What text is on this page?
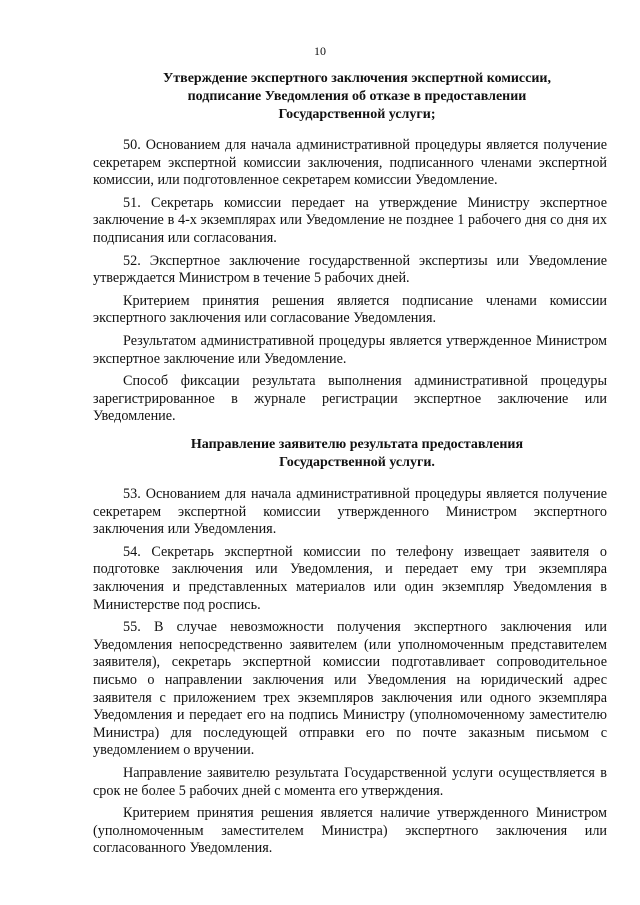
10
Утверждение экспертного заключения экспертной комиссии,
подписание Уведомления об отказе в предоставлении
Государственной услуги;

50. Основанием для начала административной процедуры является получение секретарем экспертной комиссии заключения, подписанного членами экспертной комиссии, или подготовленное секретарем комиссии Уведомление.

51. Секретарь комиссии передает на утверждение Министру экспертное заключение в 4-х экземплярах или Уведомление не позднее 1 рабочего дня со дня их подписания или согласования.

52. Экспертное заключение государственной экспертизы или Уведомление утверждается Министром в течение 5 рабочих дней.

Критерием принятия решения является подписание членами комиссии экспертного заключения или согласование Уведомления.

Результатом административной процедуры является утвержденное Министром экспертное заключение или Уведомление.

Способ фиксации результата выполнения административной процедуры зарегистрированное в журнале регистрации экспертное заключение или Уведомление.

Направление заявителю результата предоставления
Государственной услуги.

53. Основанием для начала административной процедуры является получение секретарем экспертной комиссии утвержденного Министром экспертного заключения или Уведомления.

54. Секретарь экспертной комиссии по телефону извещает заявителя о подготовке заключения или Уведомления, и передает ему три экземпляра заключения и представленных материалов или один экземпляр Уведомления в Министерстве под роспись.

55. В случае невозможности получения экспертного заключения или Уведомления непосредственно заявителем (или уполномоченным представителем заявителя), секретарь экспертной комиссии подготавливает сопроводительное письмо о направлении заключения или Уведомления на юридический адрес заявителя с приложением трех экземпляров заключения или одного экземпляра Уведомления и передает его на подпись Министру (уполномоченному заместителю Министра) для последующей отправки его по почте заказным письмом с уведомлением о вручении.

Направление заявителю результата Государственной услуги осуществляется в срок не более 5 рабочих дней с момента его утверждения.

Критерием принятия решения является наличие утвержденного Министром (уполномоченным заместителем Министра) экспертного заключения или согласованного Уведомления.
